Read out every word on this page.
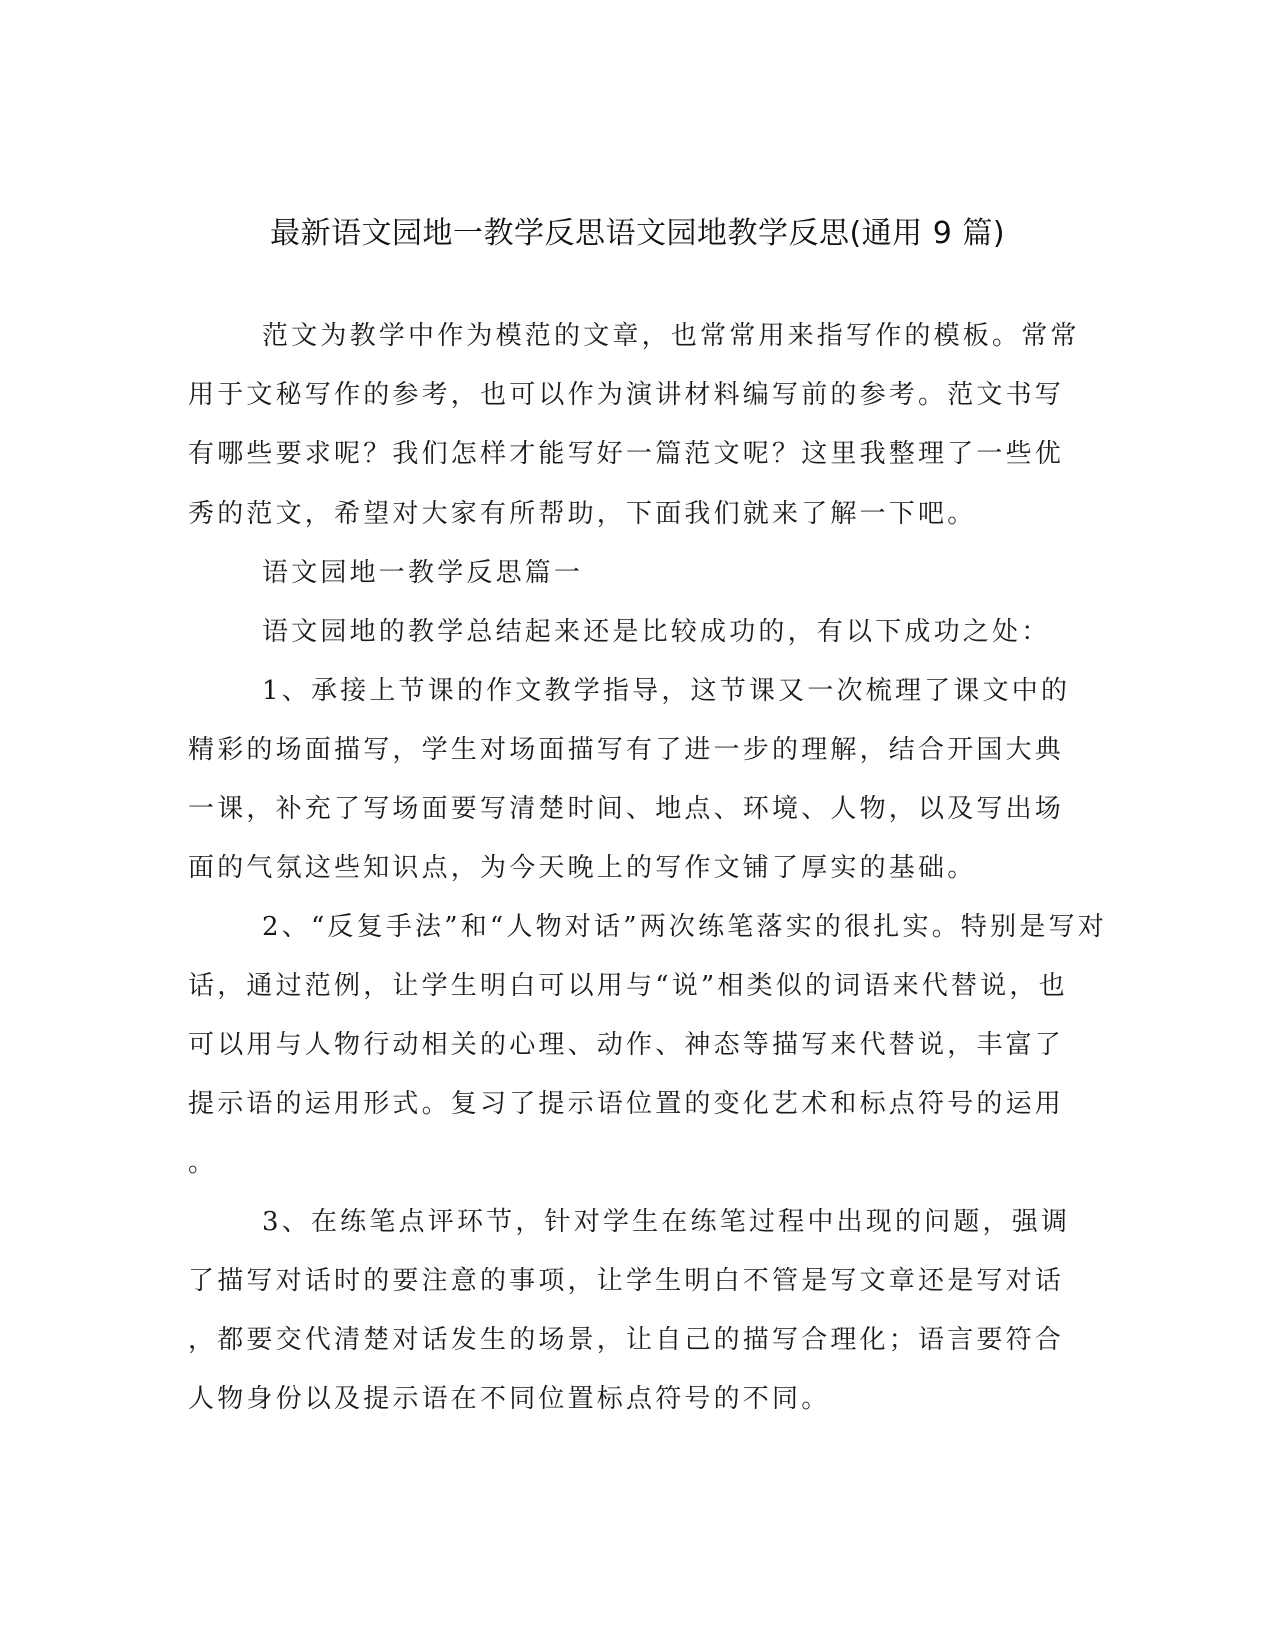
最新语文园地一教学反思语文园地教学反思(通用 9 篇)
范文为教学中作为模范的文章，也常常用来指写作的模板。常常
用于文秘写作的参考，也可以作为演讲材料编写前的参考。范文书写
有哪些要求呢？我们怎样才能写好一篇范文呢？这里我整理了一些优
秀的范文，希望对大家有所帮助，下面我们就来了解一下吧。
语文园地一教学反思篇一
语文园地的教学总结起来还是比较成功的，有以下成功之处：
1、承接上节课的作文教学指导，这节课又一次梳理了课文中的
精彩的场面描写，学生对场面描写有了进一步的理解，结合开国大典
一课，补充了写场面要写清楚时间、地点、环境、人物，以及写出场
面的气氛这些知识点，为今天晚上的写作文铺了厚实的基础。
2、“反复手法”和“人物对话”两次练笔落实的很扎实。特别是写对
话，通过范例，让学生明白可以用与“说”相类似的词语来代替说，也
可以用与人物行动相关的心理、动作、神态等描写来代替说，丰富了
提示语的运用形式。复习了提示语位置的变化艺术和标点符号的运用
。
3、在练笔点评环节，针对学生在练笔过程中出现的问题，强调
了描写对话时的要注意的事项，让学生明白不管是写文章还是写对话
，都要交代清楚对话发生的场景，让自己的描写合理化；语言要符合
人物身份以及提示语在不同位置标点符号的不同。
